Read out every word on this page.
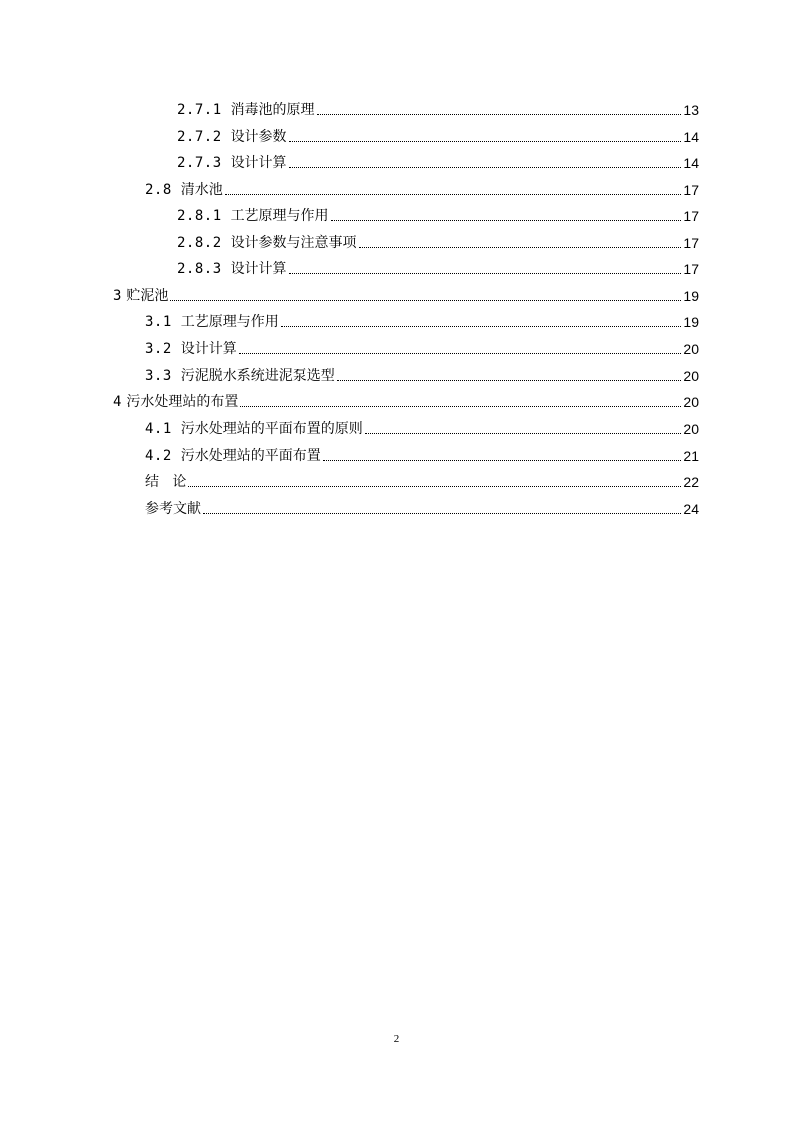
2.7.1 消毒池的原理	13
2.7.2 设计参数	14
2.7.3 设计计算	14
2.8 清水池	17
2.8.1 工艺原理与作用	17
2.8.2 设计参数与注意事项	17
2.8.3 设计计算	17
3 贮泥池	19
3.1 工艺原理与作用	19
3.2 设计计算	20
3.3 污泥脱水系统进泥泵选型	20
4 污水处理站的布置	20
4.1 污水处理站的平面布置的原则	20
4.2 污水处理站的平面布置	21
结   论	22
参考文献	24
2
